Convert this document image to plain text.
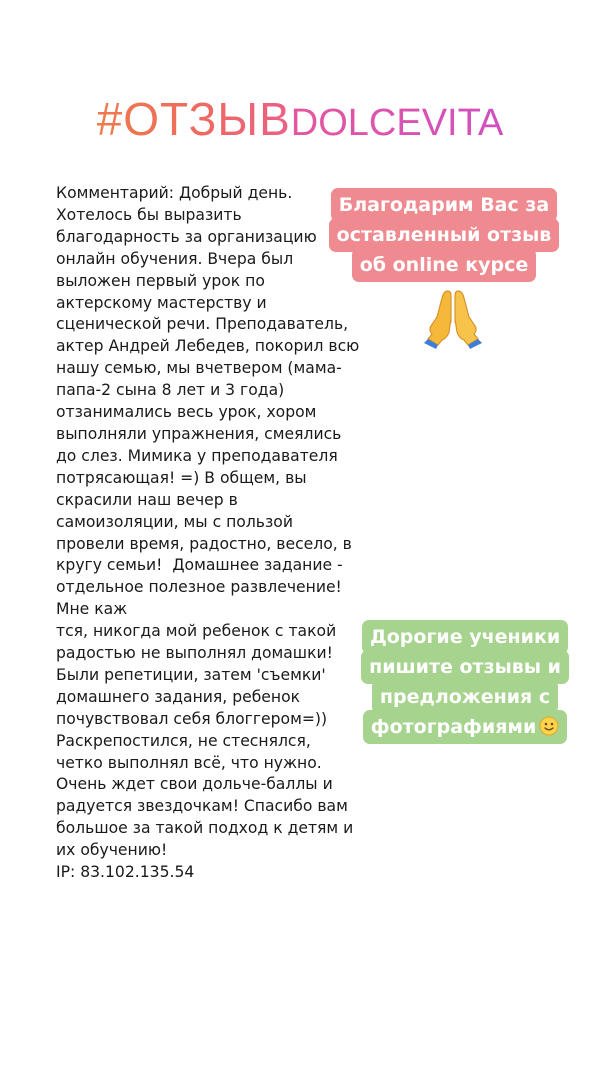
#ОТЗЫВDOLCEVITA
Комментарий: Добрый день.
Хотелось бы выразить
благодарность за организацию
онлайн обучения. Вчера был
выложен первый урок по
актерскому мастерству и
сценической речи. Преподаватель,
актер Андрей Лебедев, покорил всю
нашу семью, мы вчетвером (мама-
папа-2 сына 8 лет и 3 года)
отзанимались весь урок, хором
выполняли упражнения, смеялись
до слез. Мимика у преподавателя
потрясающая! =) В общем, вы
скрасили наш вечер в
самоизоляции, мы с пользой
провели время, радостно, весело, в
кругу семьи!  Домашнее задание -
отдельное полезное развлечение!
Мне каж
тся, никогда мой ребенок с такой
радостью не выполнял домашки!
Были репетиции, затем 'съемки'
домашнего задания, ребенок
почувствовал себя блоггером=))
Раскрепостился, не стеснялся,
четко выполнял всё, что нужно.
Очень ждет свои дольче-баллы и
радуется звездочкам! Спасибо вам
большое за такой подход к детям и
их обучению!
IP: 83.102.135.54
Благодарим Вас за
оставленный отзыв
об online курсе
Дорогие ученики
пишите отзывы и
предложения с
фотографиями
